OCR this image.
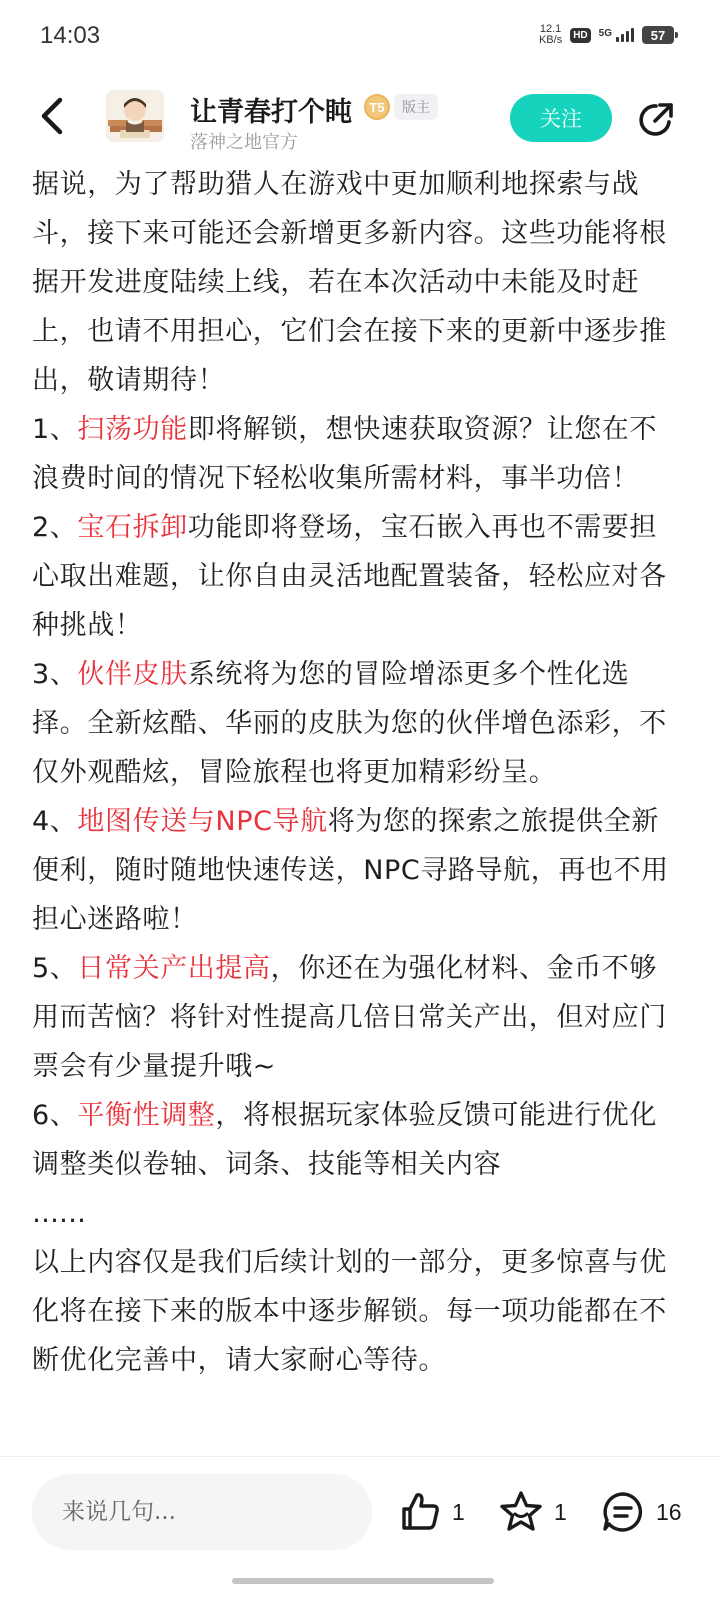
14:03	12.1
KB/s	HD	5G	57
让青春打个盹	T5	版主
落神之地官方
关注

据说，为了帮助猎人在游戏中更加顺利地探索与战斗，接下来可能还会新增更多新内容。这些功能将根据开发进度陆续上线，若在本次活动中未能及时赶上，也请不用担心，它们会在接下来的更新中逐步推出，敬请期待！

1、扫荡功能即将解锁，想快速获取资源？让您在不浪费时间的情况下轻松收集所需材料，事半功倍！

2、宝石拆卸功能即将登场，宝石嵌入再也不需要担心取出难题，让你自由灵活地配置装备，轻松应对各种挑战！

3、伙伴皮肤系统将为您的冒险增添更多个性化选择。全新炫酷、华丽的皮肤为您的伙伴增色添彩，不仅外观酷炫，冒险旅程也将更加精彩纷呈。

4、地图传送与NPC导航将为您的探索之旅提供全新便利，随时随地快速传送，NPC寻路导航，再也不用担心迷路啦！

5、日常关产出提高，你还在为强化材料、金币不够用而苦恼？将针对性提高几倍日常关产出，但对应门票会有少量提升哦~

6、平衡性调整，将根据玩家体验反馈可能进行优化调整类似卷轴、词条、技能等相关内容

……

以上内容仅是我们后续计划的一部分，更多惊喜与优化将在接下来的版本中逐步解锁。每一项功能都在不断优化完善中，请大家耐心等待。

来说几句...
1	1	16
